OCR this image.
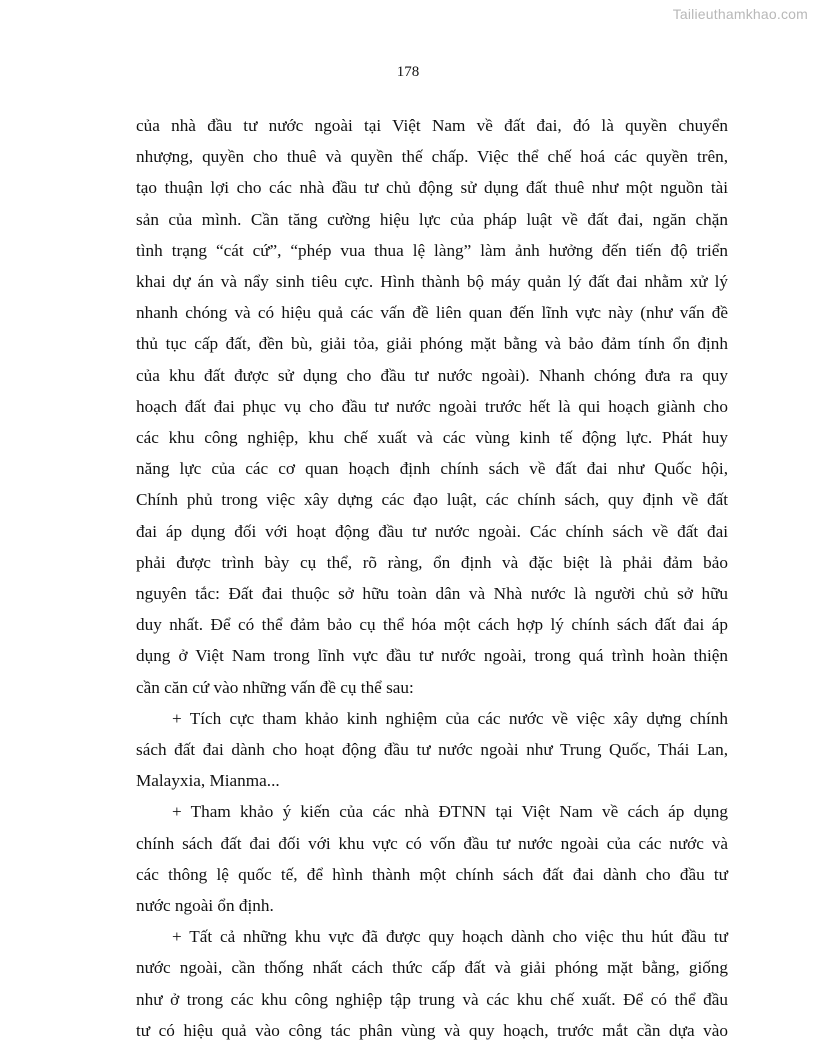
Tailieuthamkhao.com
178

của nhà đầu tư nước ngoài tại Việt Nam về đất đai, đó là quyền chuyển
nhượng, quyền cho thuê và quyền thế chấp. Việc thể chế hoá các quyền trên,
tạo thuận lợi cho các nhà đầu tư chủ động sử dụng đất thuê như một nguồn tài
sản của mình. Cần tăng cường hiệu lực của pháp luật về đất đai, ngăn chặn
tình trạng “cát cứ”, “phép vua thua lệ làng” làm ảnh hưởng đến tiến độ triển
khai dự án và nẩy sinh tiêu cực. Hình thành bộ máy quản lý đất đai nhằm xử lý
nhanh chóng và có hiệu quả các vấn đề liên quan đến lĩnh vực này (như vấn đề
thủ tục cấp đất, đền bù, giải tỏa, giải phóng mặt bằng và bảo đảm tính ổn định
của khu đất được sử dụng cho đầu tư nước ngoài). Nhanh chóng đưa ra quy
hoạch đất đai phục vụ cho đầu tư nước ngoài trước hết là qui hoạch giành cho
các khu công nghiệp, khu chế xuất và các vùng kinh tế động lực. Phát huy
năng lực của các cơ quan hoạch định chính sách về đất đai như Quốc hội,
Chính phủ trong việc xây dựng các đạo luật, các chính sách, quy định về đất
đai áp dụng đối với hoạt động đầu tư nước ngoài. Các chính sách về đất đai
phải được trình bày cụ thể, rõ ràng, ổn định và đặc biệt là phải đảm bảo
nguyên tắc: Đất đai thuộc sở hữu toàn dân và Nhà nước là người chủ sở hữu
duy nhất. Để có thể đảm bảo cụ thể hóa một cách hợp lý chính sách đất đai áp
dụng ở Việt Nam trong lĩnh vực đầu tư nước ngoài, trong quá trình hoàn thiện
cần căn cứ vào những vấn đề cụ thể sau:

+ Tích cực tham khảo kinh nghiệm của các nước về việc xây dựng chính
sách đất đai dành cho hoạt động đầu tư nước ngoài như Trung Quốc, Thái Lan,
Malayxia, Mianma...

+ Tham khảo ý kiến của các nhà ĐTNN tại Việt Nam về cách áp dụng
chính sách đất đai đối với khu vực có vốn đầu tư nước ngoài của các nước và
các thông lệ quốc tế, để hình thành một chính sách đất đai dành cho đầu tư
nước ngoài ổn định.

+ Tất cả những khu vực đã được quy hoạch dành cho việc thu hút đầu tư
nước ngoài, cần thống nhất cách thức cấp đất và giải phóng mặt bằng, giống
như ở trong các khu công nghiệp tập trung và các khu chế xuất. Để có thể đầu
tư có hiệu quả vào công tác phân vùng và quy hoạch, trước mắt cần dựa vào
